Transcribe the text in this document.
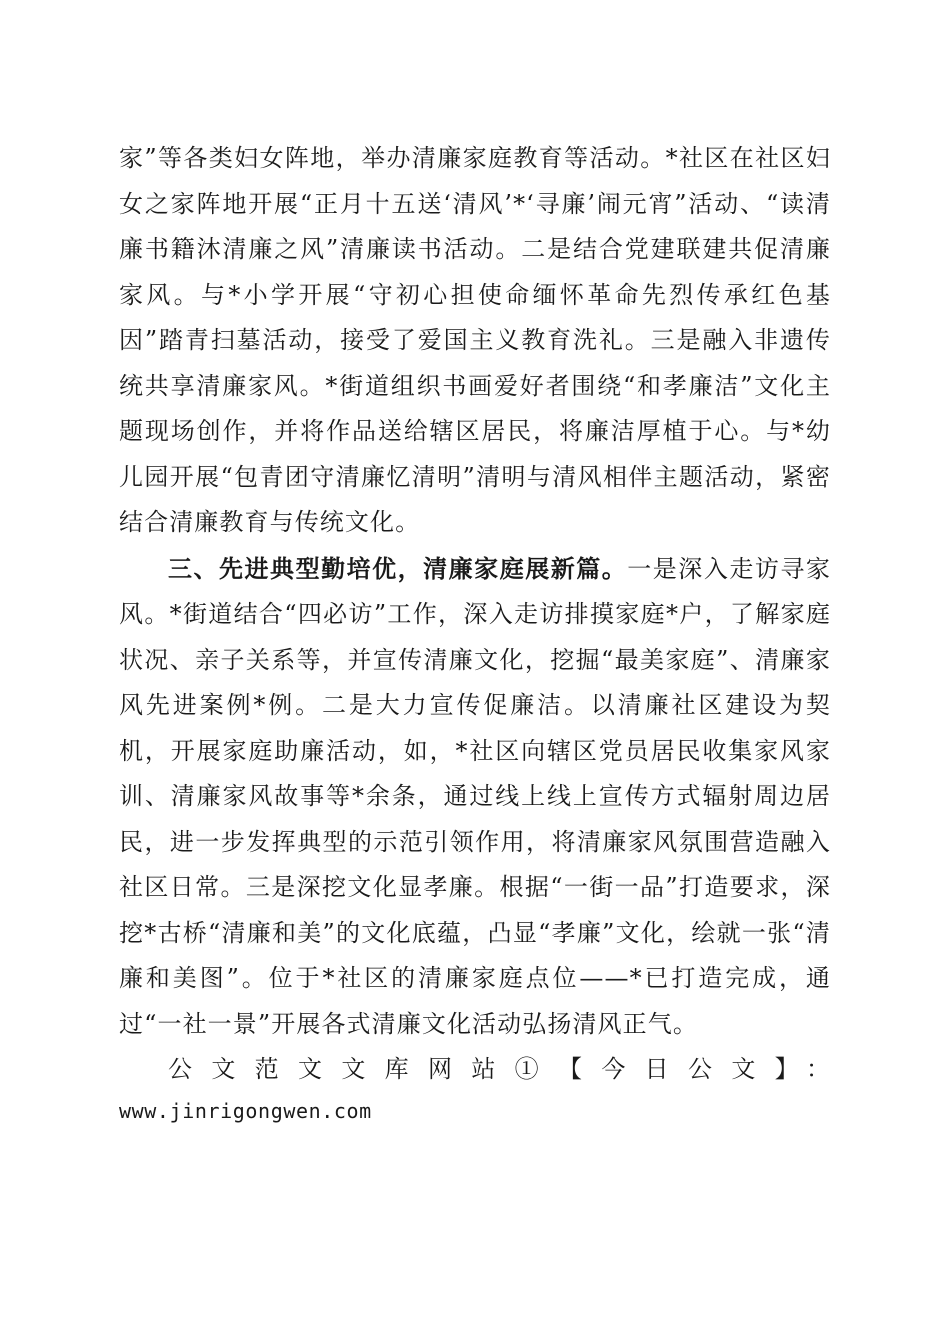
家”等各类妇女阵地，举办清廉家庭教育等活动。*社区在社区妇女之家阵地开展“正月十五送‘清风’*‘寻廉’闹元宵”活动、“读清廉书籍沐清廉之风”清廉读书活动。二是结合党建联建共促清廉家风。与*小学开展“守初心担使命缅怀革命先烈传承红色基因”踏青扫墓活动，接受了爱国主义教育洗礼。三是融入非遗传统共享清廉家风。*街道组织书画爱好者围绕“和孝廉洁”文化主题现场创作，并将作品送给辖区居民，将廉洁厚植于心。与*幼儿园开展“包青团守清廉忆清明”清明与清风相伴主题活动，紧密结合清廉教育与传统文化。

三、先进典型勤培优，清廉家庭展新篇。一是深入走访寻家风。*街道结合“四必访”工作，深入走访排摸家庭*户，了解家庭状况、亲子关系等，并宣传清廉文化，挖掘“最美家庭”、清廉家风先进案例*例。二是大力宣传促廉洁。以清廉社区建设为契机，开展家庭助廉活动，如，*社区向辖区党员居民收集家风家训、清廉家风故事等*余条，通过线上线上宣传方式辐射周边居民，进一步发挥典型的示范引领作用，将清廉家风氛围营造融入社区日常。三是深挖文化显孝廉。根据“一街一品”打造要求，深挖*古桥“清廉和美”的文化底蕴，凸显“孝廉”文化，绘就一张“清廉和美图”。位于*社区的清廉家庭点位——*已打造完成，通过“一社一景”开展各式清廉文化活动弘扬清风正气。

公文范文文库网站①【今日公文】：

www.jinrigongwen.com
